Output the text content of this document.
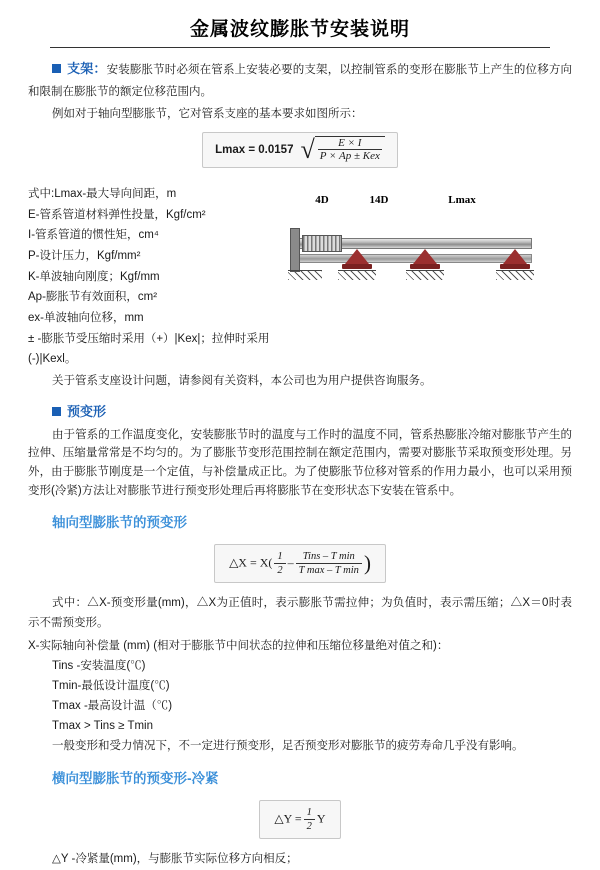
金属波纹膨胀节安装说明

支架：安装膨胀节时必须在管系上安装必要的支架，以控制管系的变形在膨胀节上产生的位移方向和限制在膨胀节的额定位移范围内。

例如对于轴向型膨胀节，它对管系支座的基本要求如图所示：

Lmax = 0.0157 √ $\frac{E \times I}{\text{P × Ap ± Kex}}$
式中:Lmax-最大导向间距，m
E-管系管道材料弹性投量，Kgf/cm²
I-管系管道的惯性矩，cm⁴
P-设计压力，Kgf/mm²
K-单波轴向刚度；Kgf/mm
Ap-膨胀节有效面积，cm²
ex-单波轴向位移，mm
± -膨胀节受压缩时采用（+）|Kex|；拉伸时采用(-)|Kexl。
4D	14D	Lmax

关于管系支座设计问题，请参阅有关资料，本公司也为用户提供咨询服务。

预变形

由于管系的工作温度变化，安装膨胀节时的温度与工作时的温度不同，管系热膨胀冷缩对膨胀节产生的拉伸、压缩量常常是不均匀的。为了膨胀节变形范围控制在额定范围内，需要对膨胀节采取预变形处理。另外，由于膨胀节刚度是一个定值，与补偿量成正比。为了使膨胀节位移对管系的作用力最小，也可以采用预变形(冷紧)方法让对膨胀节进行预变形处理后再将膨胀节在变形状态下安装在管系中。

轴向型膨胀节的预变形

△X = $X( \frac{1}{2}$ – Tins – T min
T max – T min )

式中：△X-预变形量(mm)，△X为正值时，表示膨胀节需拉伸；为负值时，表示需压缩；△X＝0时表示不需预变形。

X-实际轴向补偿量 (mm) (相对于膨胀节中间状态的拉伸和压缩位移量绝对值之和)：

Tins -安装温度(℃)

Tmin-最低设计温度(℃)

Tmax -最高设计温（℃)

Tmax > Tins ≥ Tmin

一般变形和受力情况下，不一定进行预变形，足否预变形对膨胀节的疲劳寿命几乎没有影响。

横向型膨胀节的预变形-冷紧

△Y = $\frac{1}{2}$ Y

△Y -冷紧量(mm)，与膨胀节实际位移方向相反；
